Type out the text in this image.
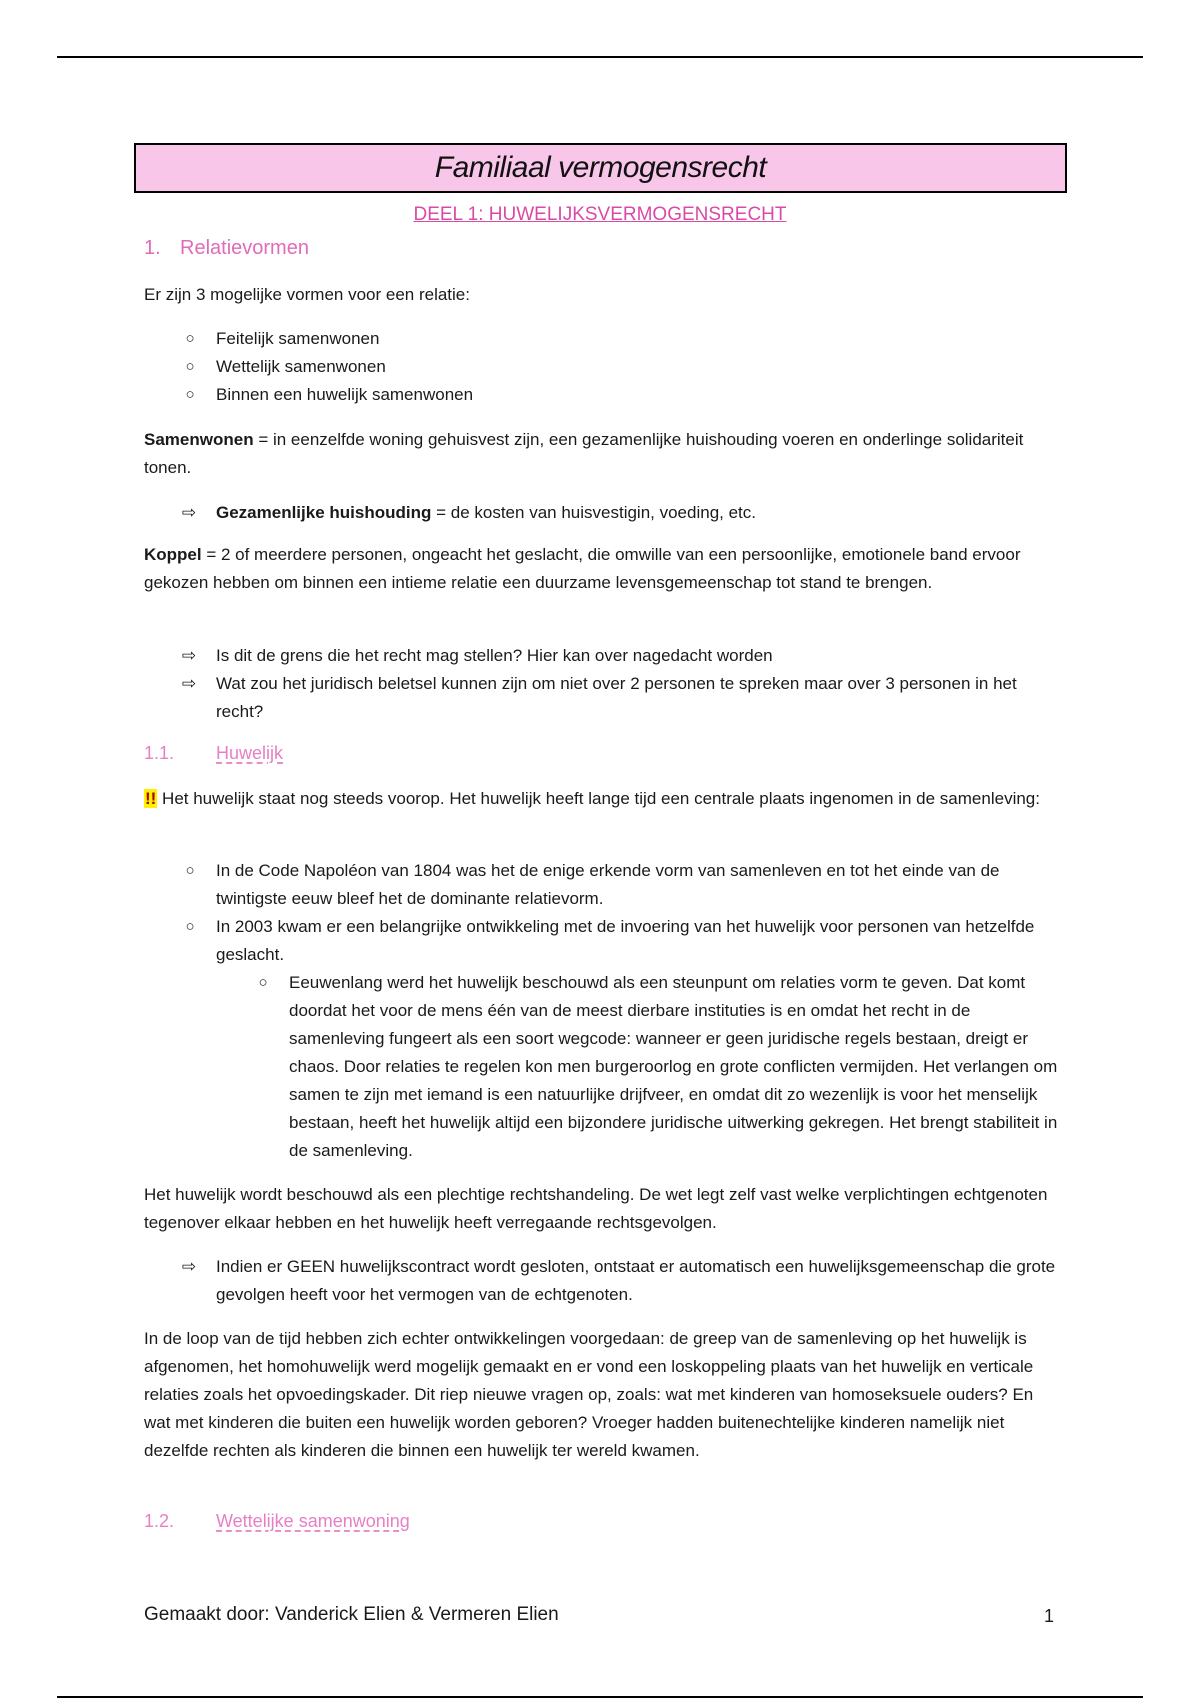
Familiaal vermogensrecht
DEEL 1: HUWELIJKSVERMOGENSRECHT
1. Relatievormen

Er zijn 3 mogelijke vormen voor een relatie:

○	Feitelijk samenwonen
○	Wettelijk samenwonen
○	Binnen een huwelijk samenwonen

Samenwonen = in eenzelfde woning gehuisvest zijn, een gezamenlijke huishouding voeren en onderlinge solidariteit tonen.

⇨ Gezamenlijke huishouding = de kosten van huisvestigin, voeding, etc.

Koppel = 2 of meerdere personen, ongeacht het geslacht, die omwille van een persoonlijke, emotionele band ervoor gekozen hebben om binnen een intieme relatie een duurzame levensgemeenschap tot stand te brengen.

⇨ Is dit de grens die het recht mag stellen? Hier kan over nagedacht worden
⇨ Wat zou het juridisch beletsel kunnen zijn om niet over 2 personen te spreken maar over 3 personen in het recht?
1.1. Huwelijk

!! Het huwelijk staat nog steeds voorop. Het huwelijk heeft lange tijd een centrale plaats ingenomen in de samenleving:

○	In de Code Napoléon van 1804 was het de enige erkende vorm van samenleven en tot het einde van de twintigste eeuw bleef het de dominante relatievorm.
○	In 2003 kwam er een belangrijke ontwikkeling met de invoering van het huwelijk voor personen van hetzelfde geslacht.
○	Eeuwenlang werd het huwelijk beschouwd als een steunpunt om relaties vorm te geven. Dat komt doordat het voor de mens één van de meest dierbare instituties is en omdat het recht in de samenleving fungeert als een soort wegcode: wanneer er geen juridische regels bestaan, dreigt er chaos. Door relaties te regelen kon men burgeroorlog en grote conflicten vermijden. Het verlangen om samen te zijn met iemand is een natuurlijke drijfveer, en omdat dit zo wezenlijk is voor het menselijk bestaan, heeft het huwelijk altijd een bijzondere juridische uitwerking gekregen. Het brengt stabiliteit in de samenleving.

Het huwelijk wordt beschouwd als een plechtige rechtshandeling. De wet legt zelf vast welke verplichtingen echtgenoten tegenover elkaar hebben en het huwelijk heeft verregaande rechtsgevolgen.

⇨ Indien er GEEN huwelijkscontract wordt gesloten, ontstaat er automatisch een huwelijksgemeenschap die grote gevolgen heeft voor het vermogen van de echtgenoten.

In de loop van de tijd hebben zich echter ontwikkelingen voorgedaan: de greep van de samenleving op het huwelijk is afgenomen, het homohuwelijk werd mogelijk gemaakt en er vond een loskoppeling plaats van het huwelijk en verticale relaties zoals het opvoedingskader. Dit riep nieuwe vragen op, zoals: wat met kinderen van homoseksuele ouders? En wat met kinderen die buiten een huwelijk worden geboren? Vroeger hadden buitenechtelijke kinderen namelijk niet dezelfde rechten als kinderen die binnen een huwelijk ter wereld kwamen.

1.2. Wettelijke samenwoning
Gemaakt door: Vanderick Elien & Vermeren Elien	1
